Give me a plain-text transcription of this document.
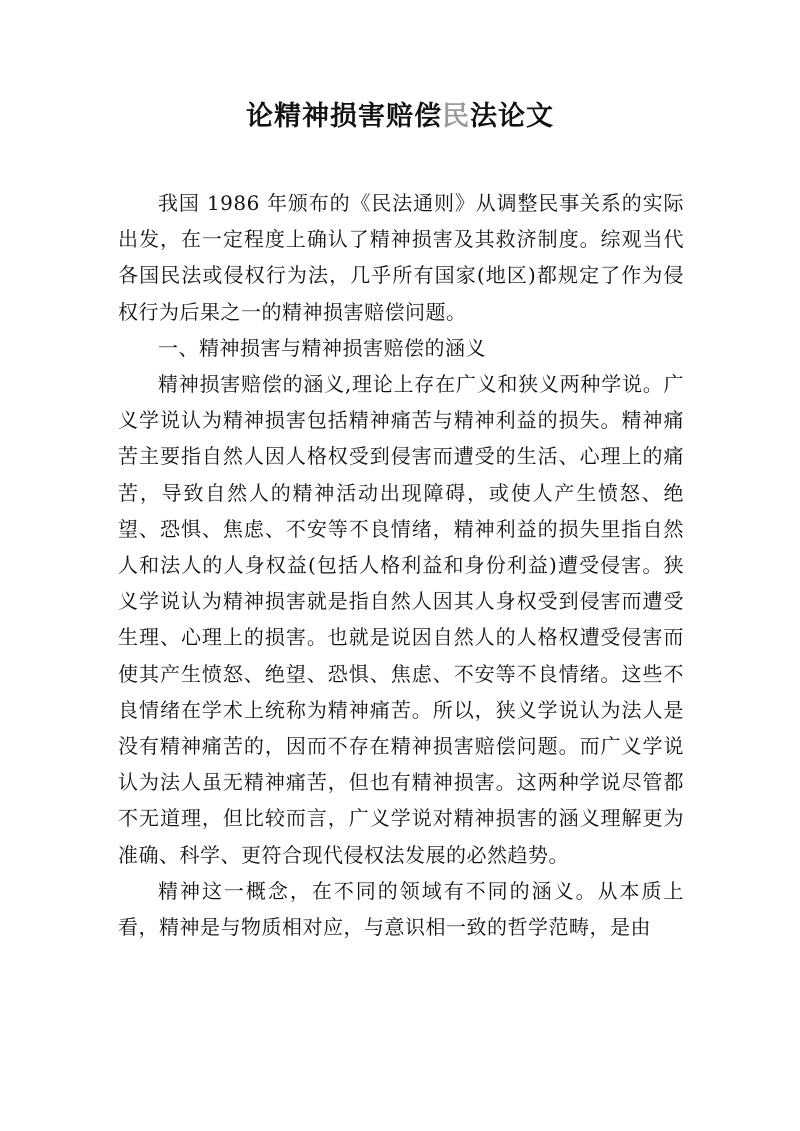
论精神损害赔偿民法论文

我国 1986 年颁布的《民法通则》从调整民事关系的实际出发，在一定程度上确认了精神损害及其救济制度。综观当代各国民法或侵权行为法，几乎所有国家(地区)都规定了作为侵权行为后果之一的精神损害赔偿问题。

一、精神损害与精神损害赔偿的涵义

精神损害赔偿的涵义,理论上存在广义和狭义两种学说。广义学说认为精神损害包括精神痛苦与精神利益的损失。精神痛苦主要指自然人因人格权受到侵害而遭受的生活、心理上的痛苦，导致自然人的精神活动出现障碍，或使人产生愤怒、绝望、恐惧、焦虑、不安等不良情绪，精神利益的损失里指自然人和法人的人身权益(包括人格利益和身份利益)遭受侵害。狭义学说认为精神损害就是指自然人因其人身权受到侵害而遭受生理、心理上的损害。也就是说因自然人的人格权遭受侵害而使其产生愤怒、绝望、恐惧、焦虑、不安等不良情绪。这些不良情绪在学术上统称为精神痛苦。所以，狭义学说认为法人是没有精神痛苦的，因而不存在精神损害赔偿问题。而广义学说认为法人虽无精神痛苦，但也有精神损害。这两种学说尽管都不无道理，但比较而言，广义学说对精神损害的涵义理解更为准确、科学、更符合现代侵权法发展的必然趋势。

精神这一概念，在不同的领域有不同的涵义。从本质上看，精神是与物质相对应，与意识相一致的哲学范畴，是由
